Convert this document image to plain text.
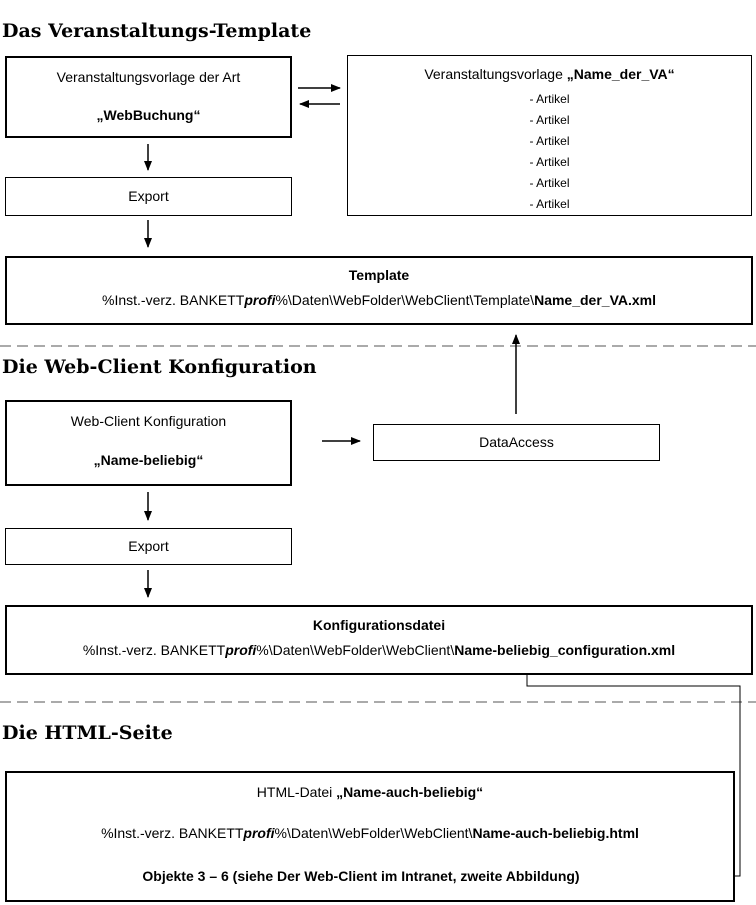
Das Veranstaltungs-Template
Veranstaltungsvorlage der Art
„WebBuchung“
Veranstaltungsvorlage „Name_der_VA“
- Artikel
- Artikel
- Artikel
- Artikel
- Artikel
- Artikel
Export
Template
%Inst.-verz. BANKETTprofi%\Daten\WebFolder\WebClient\Template\Name_der_VA.xml
Die Web-Client Konfiguration
Web-Client Konfiguration
„Name-beliebig“
DataAccess
Export
Konfigurationsdatei
%Inst.-verz. BANKETTprofi%\Daten\WebFolder\WebClient\Name-beliebig_configuration.xml
Die HTML-Seite
HTML-Datei „Name-auch-beliebig“
%Inst.-verz. BANKETTprofi%\Daten\WebFolder\WebClient\Name-auch-beliebig.html
Objekte 3 – 6 (siehe Der Web-Client im Intranet, zweite Abbildung)
